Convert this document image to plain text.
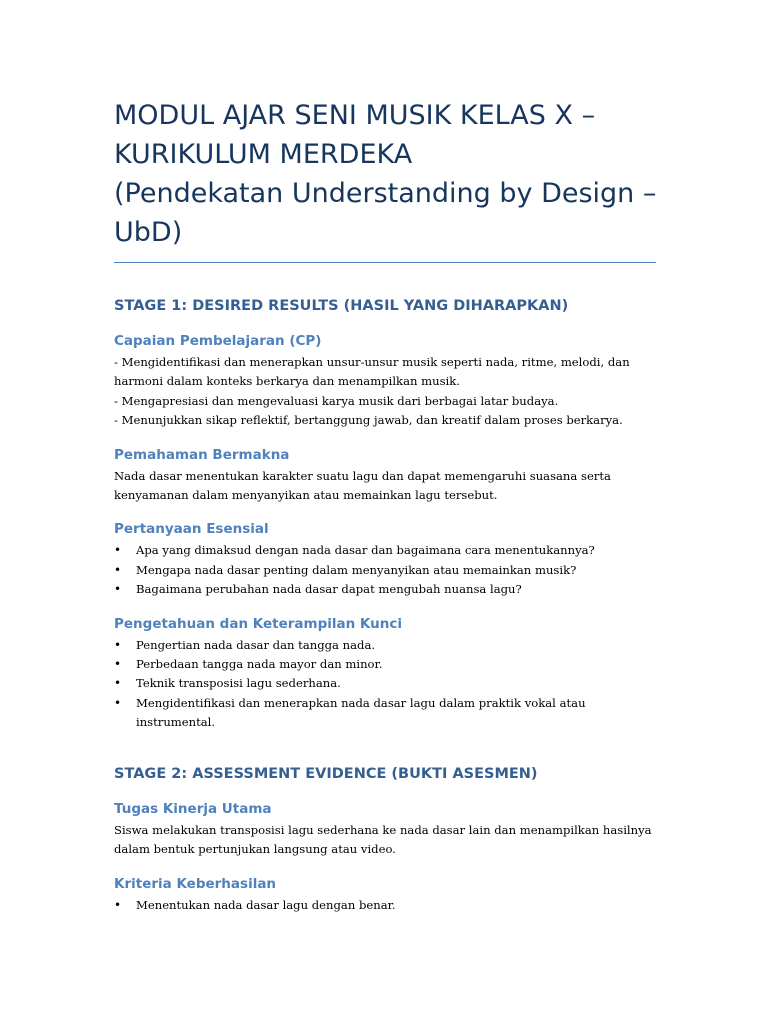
MODUL AJAR SENI MUSIK KELAS X –
KURIKULUM MERDEKA
(Pendekatan Understanding by Design –
UbD)
STAGE 1: DESIRED RESULTS (HASIL YANG DIHARAPKAN)
Capaian Pembelajaran (CP)
- Mengidentifikasi dan menerapkan unsur-unsur musik seperti nada, ritme, melodi, dan
harmoni dalam konteks berkarya dan menampilkan musik.
- Mengapresiasi dan mengevaluasi karya musik dari berbagai latar budaya.
- Menunjukkan sikap reflektif, bertanggung jawab, dan kreatif dalam proses berkarya.
Pemahaman Bermakna
Nada dasar menentukan karakter suatu lagu dan dapat memengaruhi suasana serta
kenyamanan dalam menyanyikan atau memainkan lagu tersebut.
Pertanyaan Esensial
• Apa yang dimaksud dengan nada dasar dan bagaimana cara menentukannya?
• Mengapa nada dasar penting dalam menyanyikan atau memainkan musik?
• Bagaimana perubahan nada dasar dapat mengubah nuansa lagu?
Pengetahuan dan Keterampilan Kunci
• Pengertian nada dasar dan tangga nada.
• Perbedaan tangga nada mayor dan minor.
• Teknik transposisi lagu sederhana.
• Mengidentifikasi dan menerapkan nada dasar lagu dalam praktik vokal atau
instrumental.
STAGE 2: ASSESSMENT EVIDENCE (BUKTI ASESMEN)
Tugas Kinerja Utama
Siswa melakukan transposisi lagu sederhana ke nada dasar lain dan menampilkan hasilnya
dalam bentuk pertunjukan langsung atau video.
Kriteria Keberhasilan
• Menentukan nada dasar lagu dengan benar.
